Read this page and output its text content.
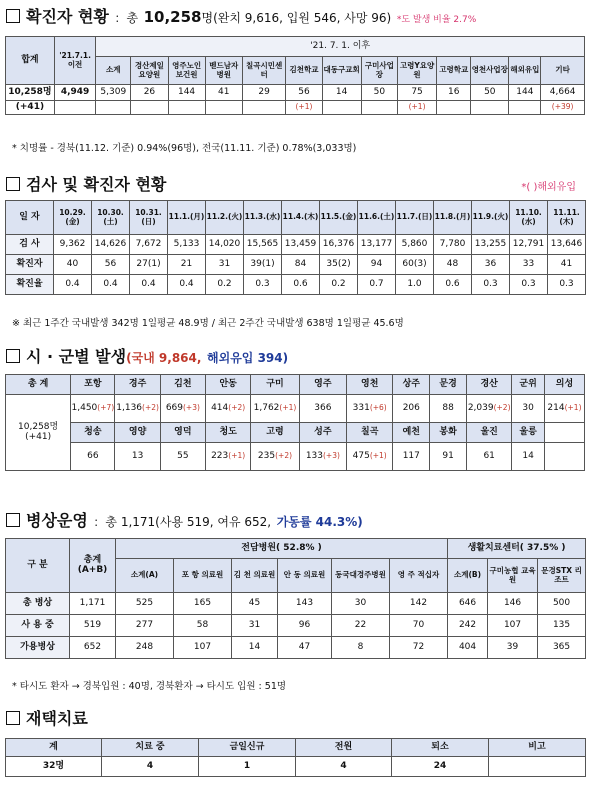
확진자 현황 ：총 10,258명(완치 9,616, 입원 546, 사망 96) *도 발생 비율 2.7%
합계	'21.7.1. 이전	'21. 7. 1. 이후												
		소계	경산제일요양원	영주노인보건원	벧드남자병원	칠곡시민센터	김천학교	대동구교회	구미사업장	고령Y요양원	고령학교	영천사업장	해외유입	기타
10,258명	4,949	5,309	26	144	41	29	56	14	50	75	16	50	144	4,664
(+41)							(+1)			(+1)				(+39)
* 치명률 - 경북(11.12. 기준) 0.94%(96명), 전국(11.11. 기준) 0.78%(3,033명)
검사 및 확진자 현황	*( )해외유입
일 자	10.29.(金)	10.30.(土)	10.31.(日)	11.1.(月)	11.2.(火)	11.3.(水)	11.4.(木)	11.5.(金)	11.6.(土)	11.7.(日)	11.8.(月)	11.9.(火)	11.10.(水)	11.11.(木)
검 사	9,362	14,626	7,672	5,133	14,020	15,565	13,459	16,376	13,177	5,860	7,780	13,255	12,791	13,646
확진자	40	56	27(1)	21	31	39(1)	84	35(2)	94	60(3)	48	36	33	41
확진율	0.4	0.4	0.4	0.4	0.2	0.3	0.6	0.2	0.7	1.0	0.6	0.3	0.3	0.3
※ 최근 1주간 국내발생 342명 1일평균 48.9명 / 최근 2주간 국내발생 638명 1일평균 45.6명
시 · 군별 발생(국내 9,864, 해외유입 394)
총 계	포항	경주	김천	안동	구미	영주	영천	상주	문경	경산	군위	의성
10,258명
(+41)	1,450(+7)	1,136(+2)	669(+3)	414(+2)	1,762(+1)	366	331(+6)	206	88	2,039(+2)	30	214(+1)
	청송	영양	영덕	청도	고령	성주	칠곡	예천	봉화	울진	울릉	
	66	13	55	223(+1)	235(+2)	133(+3)	475(+1)	117	91	61	14	
병상운영 ：총 1,171(사용 519, 여유 652, 가동률 44.3%)
구 분	총계(A+B)	전담병원( 52.8% )						생활치료센터( 37.5% )		
		소계(A)	포 항 의료원	김 천 의료원	안 동 의료원	동국대경주병원	영 주 적십자	소계(B)	구미농협 교육원	문경STX 리조트
총 병상	1,171	525	165	45	143	30	142	646	146	500
사 용 중	519	277	58	31	96	22	70	242	107	135
가용병상	652	248	107	14	47	8	72	404	39	365
* 타시도 환자 → 경북입원 : 40명, 경북환자 → 타시도 입원 : 51명
재택치료
계	치료 중	금일신규	전원	퇴소	비고
32명	4	1	4	24	
